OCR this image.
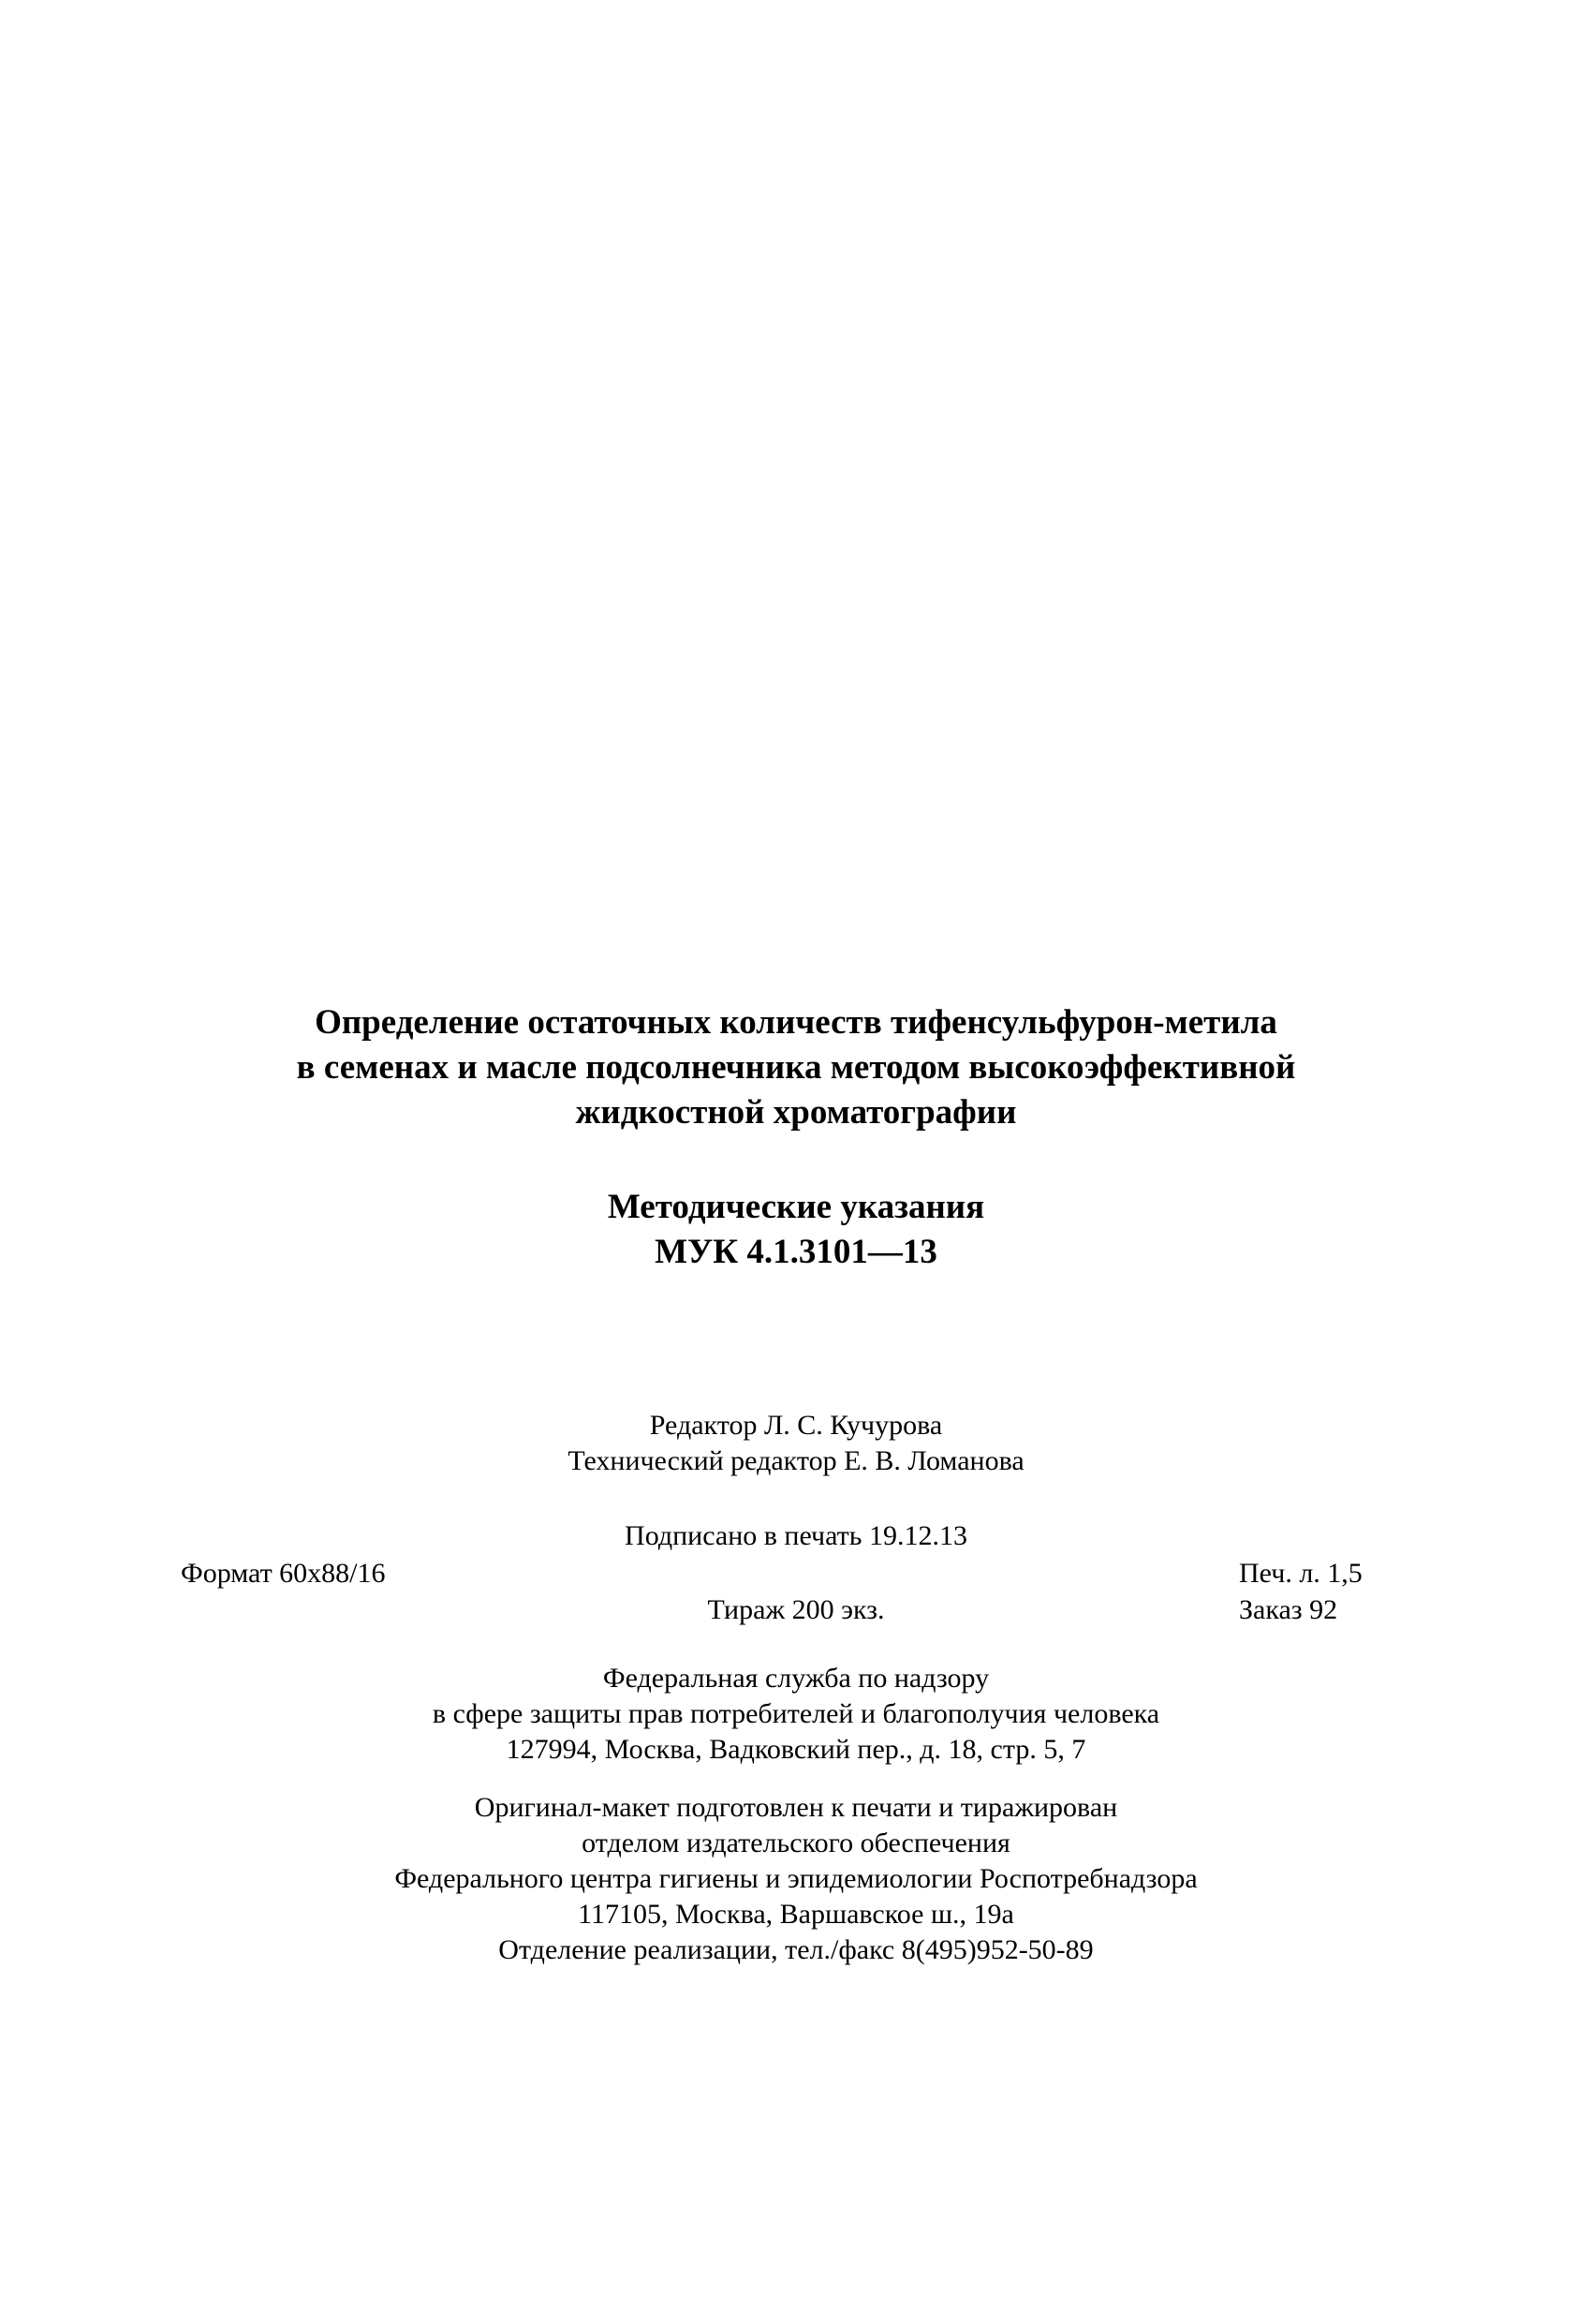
Определение остаточных количеств тифенсульфурон-метила
в семенах и масле подсолнечника методом высокоэффективной
жидкостной хроматографии
Методические указания
МУК 4.1.3101—13
Редактор Л. С. Кучурова
Технический редактор Е. В. Ломанова
Подписано в печать 19.12.13
Формат 60x88/16	Печ. л. 1,5
Тираж 200 экз.	Заказ 92
Федеральная служба по надзору
в сфере защиты прав потребителей и благополучия человека
127994, Москва, Вадковский пер., д. 18, стр. 5, 7
Оригинал-макет подготовлен к печати и тиражирован
отделом издательского обеспечения
Федерального центра гигиены и эпидемиологии Роспотребнадзора
117105, Москва, Варшавское ш., 19а
Отделение реализации, тел./факс 8(495)952-50-89
